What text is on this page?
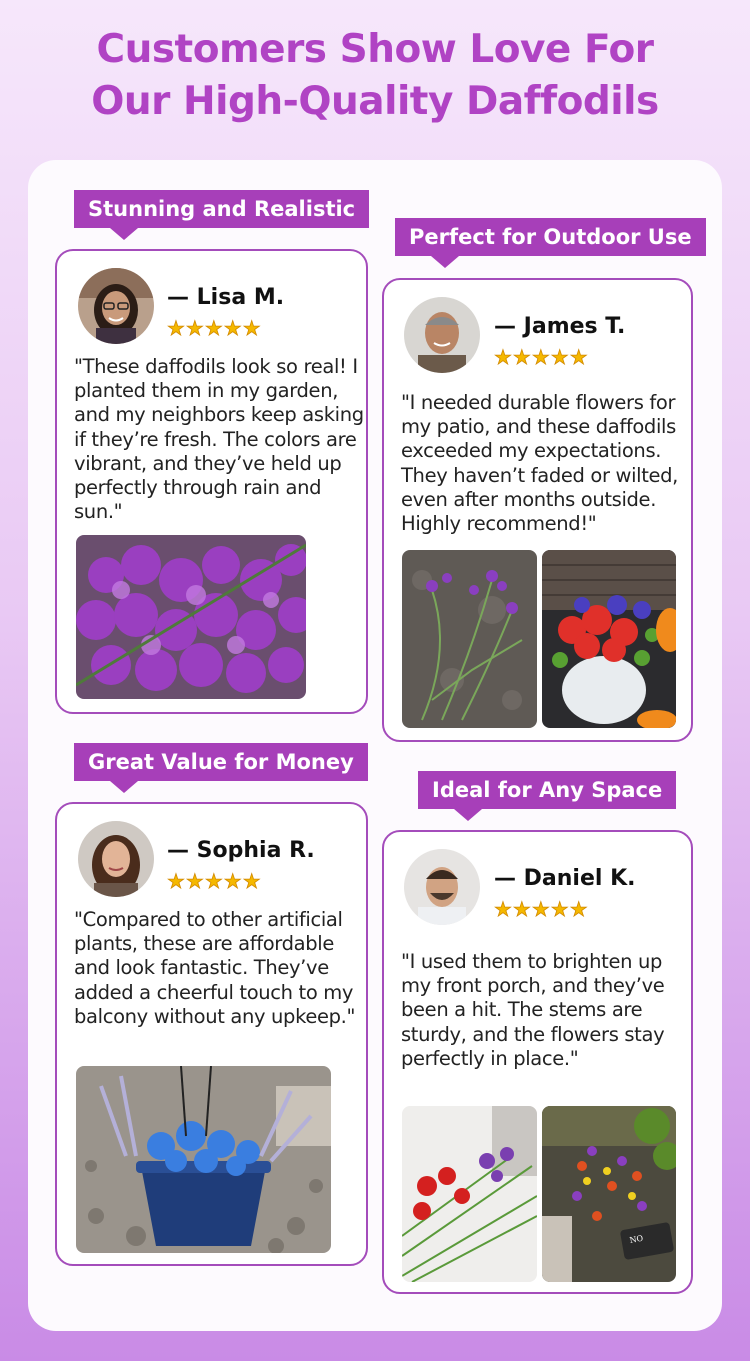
Customers Show Love For
Our High-Quality Daffodils
Stunning and Realistic
— Lisa M.
★★★★★
"These daffodils look so real! I planted them in my garden, and my neighbors keep asking if they’re fresh. The colors are vibrant, and they’ve held up perfectly through rain and sun."
Perfect for Outdoor Use
— James T.
★★★★★
"I needed durable flowers for my patio, and these daffodils exceeded my expectations. They haven’t faded or wilted, even after months outside. Highly recommend!"
Great Value for Money
— Sophia R.
★★★★★
"Compared to other artificial plants, these are affordable and look fantastic. They’ve added a cheerful touch to my balcony without any upkeep."
Ideal for Any Space
— Daniel K.
★★★★★
"I used them to brighten up my front porch, and they’ve been a hit. The stems are sturdy, and the flowers stay perfectly in place."
NO
